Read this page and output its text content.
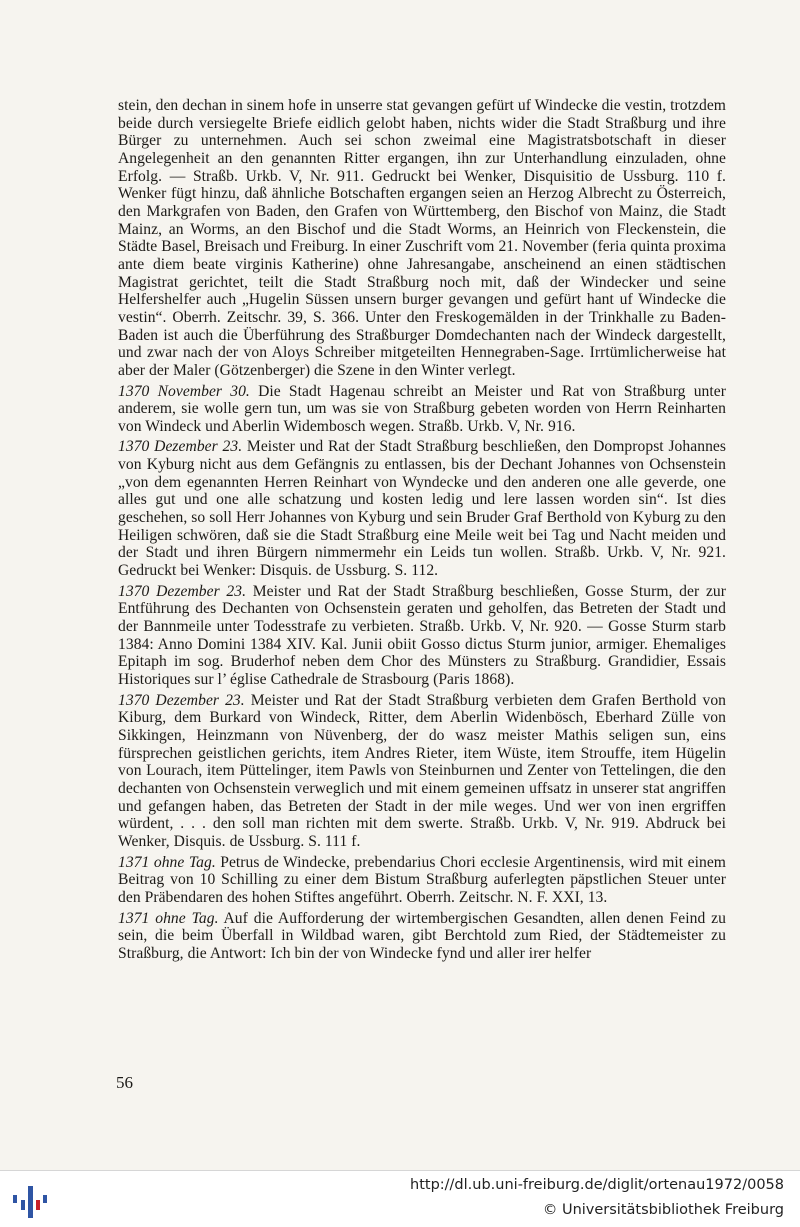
stein, den dechan in sinem hofe in unserre stat gevangen gefürt uf Windecke die vestin, trotzdem beide durch versiegelte Briefe eidlich gelobt haben, nichts wider die Stadt Straßburg und ihre Bürger zu unternehmen. Auch sei schon zweimal eine Magistratsbotschaft in dieser Angelegenheit an den genannten Ritter ergangen, ihn zur Unterhandlung einzuladen, ohne Erfolg. — Straßb. Urkb. V, Nr. 911. Gedruckt bei Wenker, Disquisitio de Ussburg. 110 f. Wenker fügt hinzu, daß ähnliche Botschaften ergangen seien an Herzog Albrecht zu Österreich, den Markgrafen von Baden, den Grafen von Württemberg, den Bischof von Mainz, die Stadt Mainz, an Worms, an den Bischof und die Stadt Worms, an Heinrich von Fleckenstein, die Städte Basel, Breisach und Freiburg. In einer Zuschrift vom 21. November (feria quinta proxima ante diem beate virginis Katherine) ohne Jahresangabe, anscheinend an einen städtischen Magistrat gerichtet, teilt die Stadt Straßburg noch mit, daß der Windecker und seine Helfershelfer auch „Hugelin Süssen unsern burger gevangen und gefürt hant uf Windecke die vestin“. Oberrh. Zeitschr. 39, S. 366. Unter den Freskogemälden in der Trinkhalle zu Baden-Baden ist auch die Überführung des Straßburger Domdechanten nach der Windeck dargestellt, und zwar nach der von Aloys Schreiber mitgeteilten Hennegraben-Sage. Irrtümlicherweise hat aber der Maler (Götzenberger) die Szene in den Winter verlegt.

1370 November 30. Die Stadt Hagenau schreibt an Meister und Rat von Straßburg unter anderem, sie wolle gern tun, um was sie von Straßburg gebeten worden von Herrn Reinharten von Windeck und Aberlin Widembosch wegen. Straßb. Urkb. V, Nr. 916.

1370 Dezember 23. Meister und Rat der Stadt Straßburg beschließen, den Dompropst Johannes von Kyburg nicht aus dem Gefängnis zu entlassen, bis der Dechant Johannes von Ochsenstein „von dem egenannten Herren Reinhart von Wyndecke und den anderen one alle geverde, one alles gut und one alle schatzung und kosten ledig und lere lassen worden sin“. Ist dies geschehen, so soll Herr Johannes von Kyburg und sein Bruder Graf Berthold von Kyburg zu den Heiligen schwören, daß sie die Stadt Straßburg eine Meile weit bei Tag und Nacht meiden und der Stadt und ihren Bürgern nimmermehr ein Leids tun wollen. Straßb. Urkb. V, Nr. 921. Gedruckt bei Wenker: Disquis. de Ussburg. S. 112.

1370 Dezember 23. Meister und Rat der Stadt Straßburg beschließen, Gosse Sturm, der zur Entführung des Dechanten von Ochsenstein geraten und geholfen, das Betreten der Stadt und der Bannmeile unter Todesstrafe zu verbieten. Straßb. Urkb. V, Nr. 920. — Gosse Sturm starb 1384: Anno Domini 1384 XIV. Kal. Junii obiit Gosso dictus Sturm junior, armiger. Ehemaliges Epitaph im sog. Bruderhof neben dem Chor des Münsters zu Straßburg. Grandidier, Essais Historiques sur l’ église Cathedrale de Strasbourg (Paris 1868).

1370 Dezember 23. Meister und Rat der Stadt Straßburg verbieten dem Grafen Berthold von Kiburg, dem Burkard von Windeck, Ritter, dem Aberlin Widenbösch, Eberhard Zülle von Sikkingen, Heinzmann von Nüvenberg, der do wasz meister Mathis seligen sun, eins fürsprechen geistlichen gerichts, item Andres Rieter, item Wüste, item Strouffe, item Hügelin von Lourach, item Püttelinger, item Pawls von Steinburnen und Zenter von Tettelingen, die den dechanten von Ochsenstein verweglich und mit einem gemeinen uffsatz in unserer stat angriffen und gefangen haben, das Betreten der Stadt in der mile weges. Und wer von inen ergriffen würdent, . . . den soll man richten mit dem swerte. Straßb. Urkb. V, Nr. 919. Abdruck bei Wenker, Disquis. de Ussburg. S. 111 f.

1371 ohne Tag. Petrus de Windecke, prebendarius Chori ecclesie Argentinensis, wird mit einem Beitrag von 10 Schilling zu einer dem Bistum Straßburg auferlegten päpstlichen Steuer unter den Präbendaren des hohen Stiftes angeführt. Oberrh. Zeitschr. N. F. XXI, 13.

1371 ohne Tag. Auf die Aufforderung der wirtembergischen Gesandten, allen denen Feind zu sein, die beim Überfall in Wildbad waren, gibt Berchtold zum Ried, der Städtemeister zu Straßburg, die Antwort: Ich bin der von Windecke fynd und aller irer helfer

56
http://dl.ub.uni-freiburg.de/diglit/ortenau1972/0058
© Universitätsbibliothek Freiburg
